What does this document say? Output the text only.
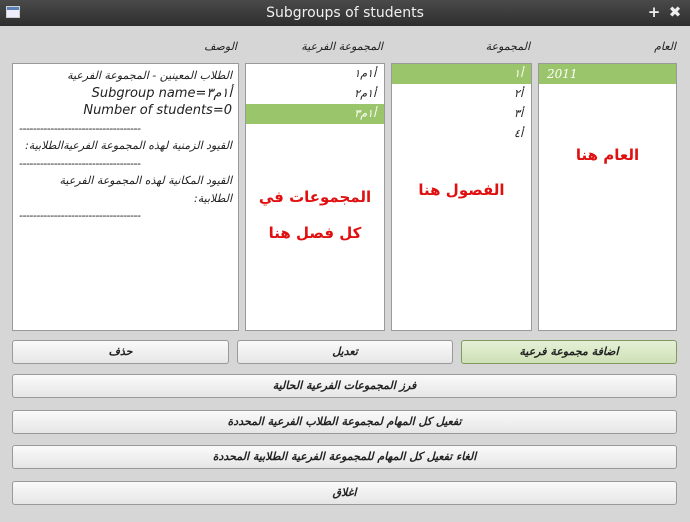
Subgroups of students	+ ✖
العام
المجموعة
المجموعة الفرعية
الوصف
2011
العام هنا
أ١
أ٢
أ٣
أ٤
الفصول هنا
أ١م١
أ١م٢
أ١م٣
المجموعات في
كل فصل هنا
الطلاب المعينين - المجموعة الفرعية
Subgroup name=أ١م٣
Number of students=0
-----------------------------------
القيود الزمنية لهذه المجموعة الفرعيةالطلابية:
-----------------------------------
القيود المكانية لهذه المجموعة الفرعية
الطلابية:
-----------------------------------
اضافة مجموعة فرعية
تعديل
حذف
فرز المجموعات الفرعية الحالية
تفعيل كل المهام لمجموعة الطلاب الفرعية المحددة
الغاء تفعيل كل المهام للمجموعة الفرعية الطلابية المحددة
اغلاق
